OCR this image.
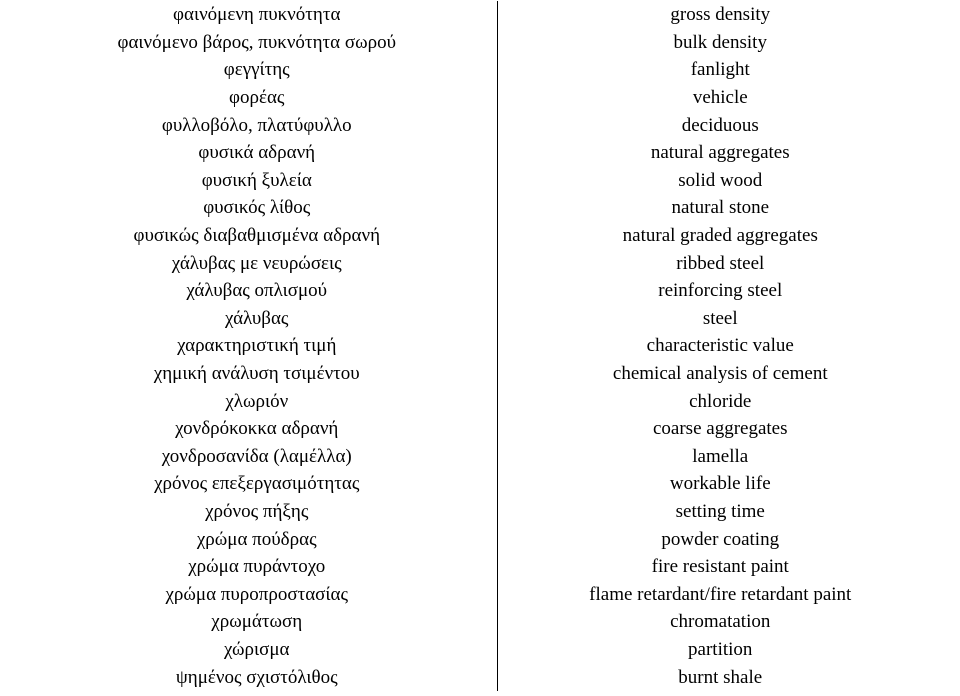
φαινόμενη πυκνότητα	gross density
φαινόμενο βάρος, πυκνότητα σωρού	bulk density
φεγγίτης	fanlight
φορέας	vehicle
φυλλοβόλο, πλατύφυλλο	deciduous
φυσικά αδρανή	natural aggregates
φυσική ξυλεία	solid wood
φυσικός λίθος	natural stone
φυσικώς διαβαθμισμένα αδρανή	natural graded aggregates
χάλυβας με νευρώσεις	ribbed steel
χάλυβας οπλισμού	reinforcing steel
χάλυβας	steel
χαρακτηριστική τιμή	characteristic value
χημική ανάλυση τσιμέντου	chemical analysis of cement
χλωριόν	chloride
χονδρόκοκκα αδρανή	coarse aggregates
χονδροσανίδα (λαμέλλα)	lamella
χρόνος επεξεργασιμότητας	workable life
χρόνος πήξης	setting time
χρώμα πούδρας	powder coating
χρώμα πυράντοχο	fire resistant paint
χρώμα πυροπροστασίας	flame retardant/fire retardant paint
χρωμάτωση	chromatation
χώρισμα	partition
ψημένος σχιστόλιθος	burnt shale
